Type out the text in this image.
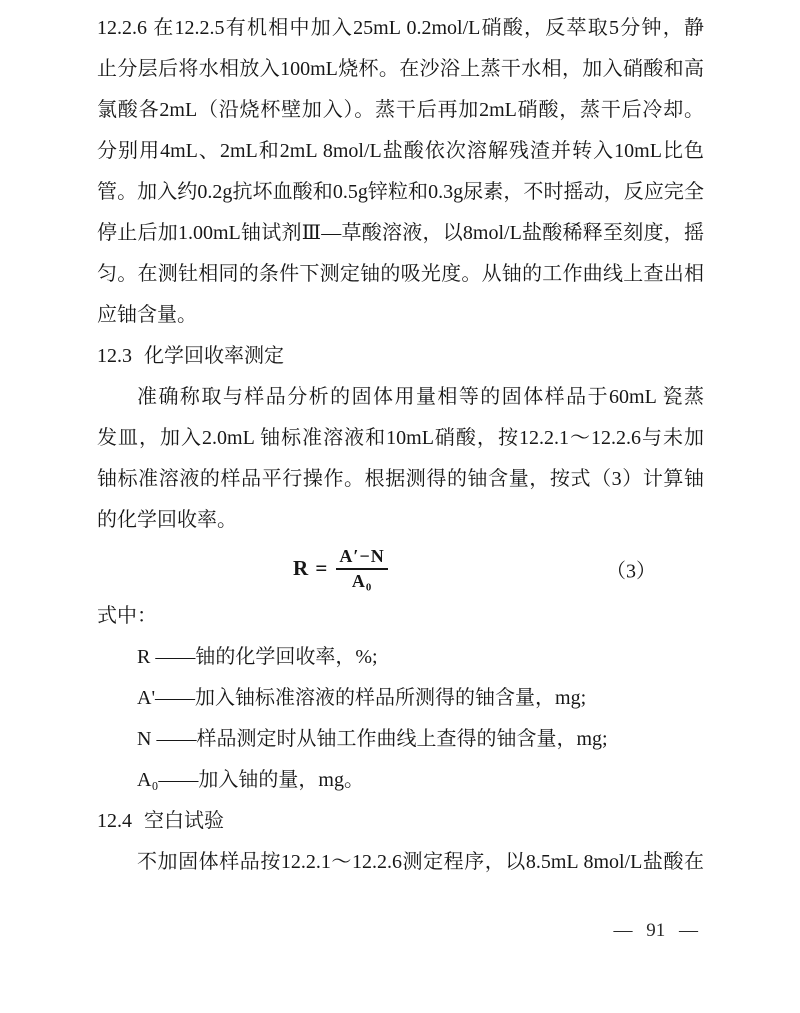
12.2.6 在12.2.5有机相中加入25mL 0.2mol/L硝酸，反萃取5分钟，静
止分层后将水相放入100mL烧杯。在沙浴上蒸干水相，加入硝酸和高
氯酸各2mL（沿烧杯壁加入）。蒸干后再加2mL硝酸，蒸干后冷却。
分别用4mL、2mL和2mL 8mol/L盐酸依次溶解残渣并转入10mL比色
管。加入约0.2g抗坏血酸和0.5g锌粒和0.3g尿素，不时摇动，反应完全
停止后加1.00mL铀试剂Ⅲ—草酸溶液，以8mol/L盐酸稀释至刻度，摇
匀。在测钍相同的条件下测定铀的吸光度。从铀的工作曲线上查出相
应铀含量。
12.3 化学回收率测定
准确称取与样品分析的固体用量相等的固体样品于60mL 瓷蒸
发皿，加入2.0mL 铀标准溶液和10mL硝酸，按12.2.1～12.2.6与未加
铀标准溶液的样品平行操作。根据测得的铀含量，按式（3）计算铀
的化学回收率。
$R = \frac{A'-N}{\text{A₀}}$	（3）
式中：
R ——铀的化学回收率，%;
A'——加入铀标准溶液的样品所测得的铀含量，mg;
N ——样品测定时从铀工作曲线上查得的铀含量，mg;
A₀——加入铀的量，mg。
12.4 空白试验
不加固体样品按12.2.1～12.2.6测定程序，以8.5mL 8mol/L盐酸在
— 91 —
